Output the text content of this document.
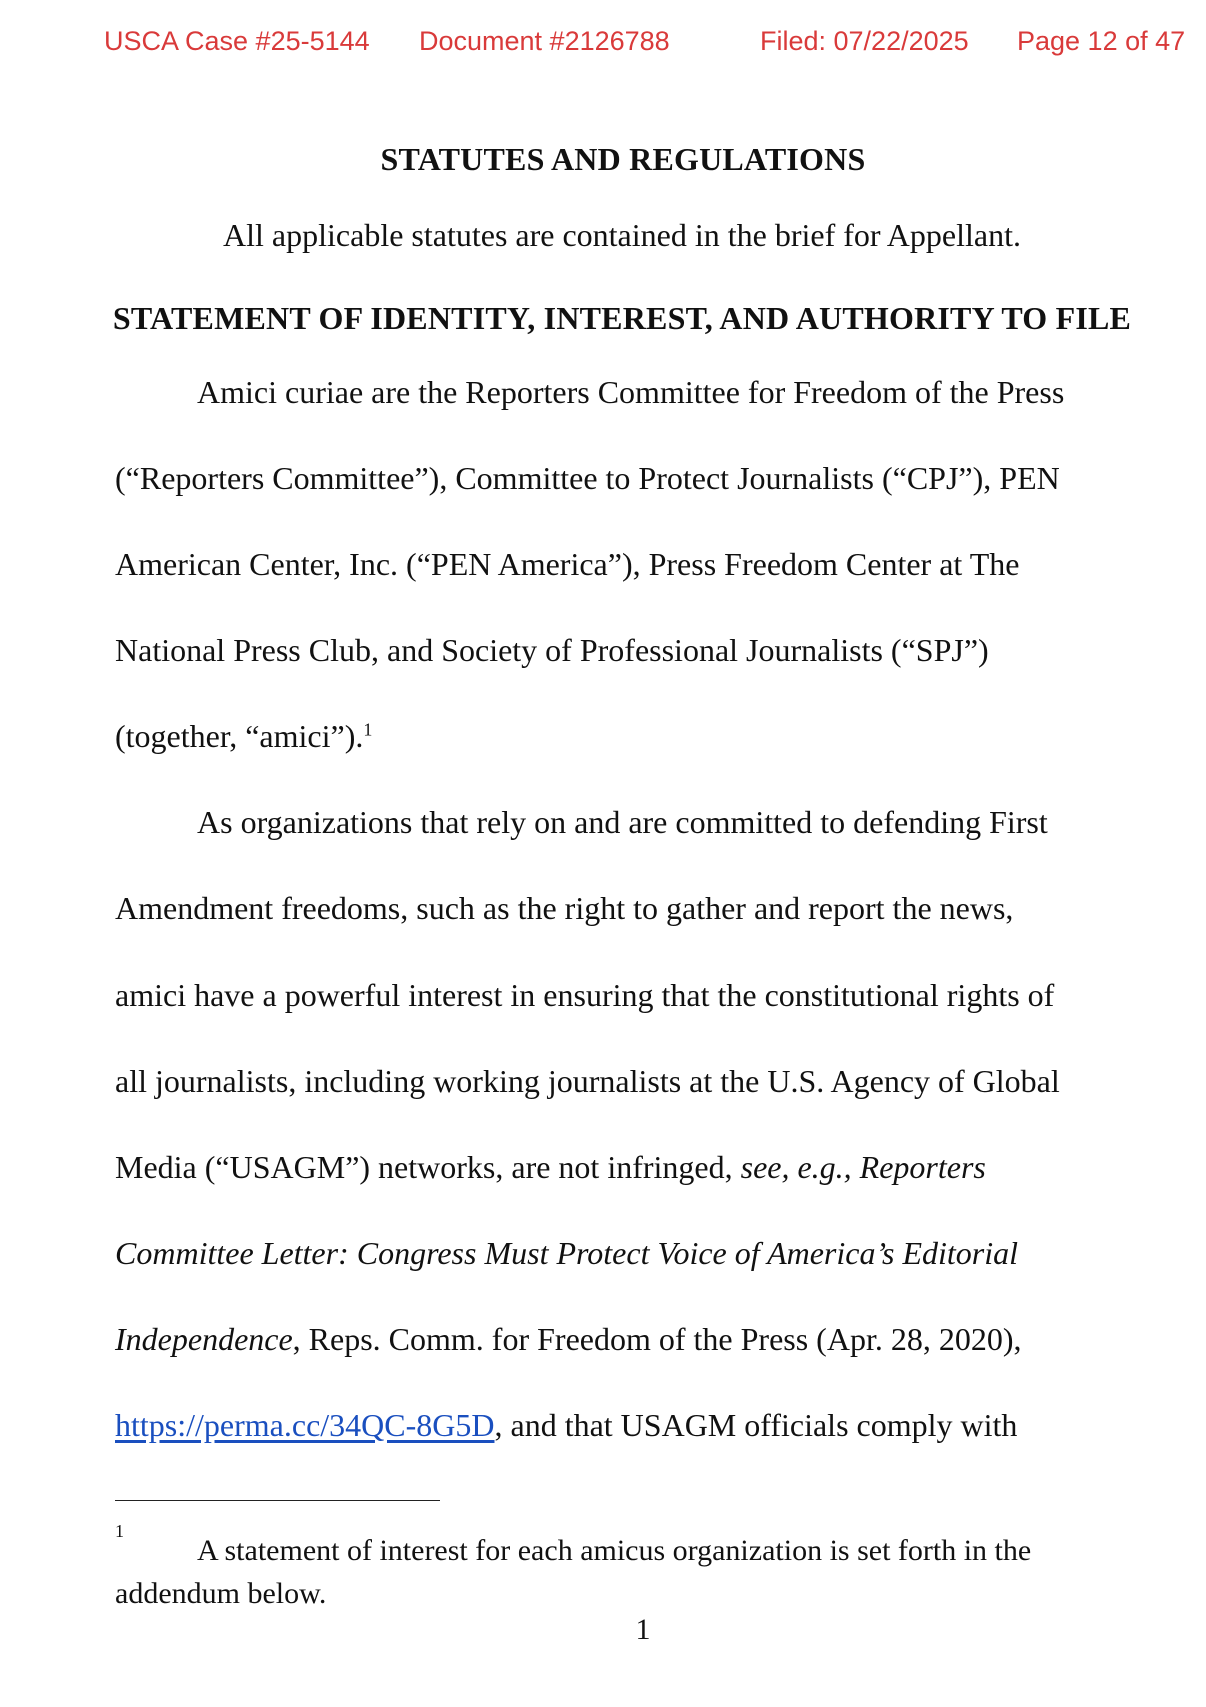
USCA Case #25-5144 Document #2126788	Filed: 07/22/2025 Page 12 of 47
STATUTES AND REGULATIONS
All applicable statutes are contained in the brief for Appellant.
STATEMENT OF IDENTITY, INTEREST, AND AUTHORITY TO FILE
Amici curiae are the Reporters Committee for Freedom of the Press
(“Reporters Committee”), Committee to Protect Journalists (“CPJ”), PEN
American Center, Inc. (“PEN America”), Press Freedom Center at The
National Press Club, and Society of Professional Journalists (“SPJ”)
(together, “amici”).$^1$
As organizations that rely on and are committed to defending First
Amendment freedoms, such as the right to gather and report the news,
amici have a powerful interest in ensuring that the constitutional rights of
all journalists, including working journalists at the U.S. Agency of Global
Media (“USAGM”) networks, are not infringed, see, e.g., Reporters
Committee Letter: Congress Must Protect Voice of America’s Editorial
Independence, Reps. Comm. for Freedom of the Press (Apr. 28, 2020),
https://perma.cc/34QC-8G5D, and that USAGM officials comply with
1
A statement of interest for each amicus organization is set forth in the
addendum below.
1
